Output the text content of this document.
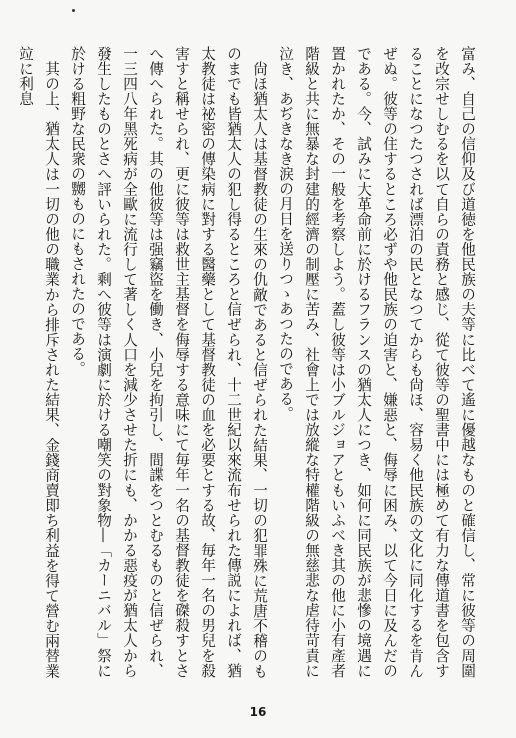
富み、自己の信仰及び道徳を他民族の夫等に比べて遙に優越なものと確信し、常に彼等の周圍を改宗せしむるを以て自らの責務と感じ、從て彼等の聖書中には極めて有力な傳道書を包含することになつたつされば漂泊の民となつてからも尙ほ、容易く他民族の文化に同化するを肯んぜぬ。彼等の住するところ必ずや他民族の迫害と、嫌惡と、侮辱に困み、以て今日に及んだのである。今、試みに大革命前に於けるフランスの猶太人につき、如何に同民族が悲慘の境遇に置かれたか、その一般を考察しよう。蓋し彼等は小ブルジョアともいふべき其の他に小有產者階級と共に無暴な封建的經濟の制壓に苦み、社會上では放縱な特權階級の無慈悲な虐待苛責に泣き、あぢきなき涙の月日を送りつゝあつたのである。

尙ほ猶太人は基督教徒の生來の仇敵であると信ぜられた結果、一切の犯罪殊に荒唐不稽のものまでも皆猶太人の犯し得るところと信ぜられ、十二世紀以來流布せられた傳説によれば、猶太教徒は祕密の傳染病に對する醫藥として基督教徒の血を必要とする故、毎年一名の男兒を殺害すと稱せられ、更に彼等は救世主基督を侮辱する意味にて毎年一名の基督教徒を磔殺すとさへ傳へられた。其の他彼等は强竊盜を働き、小兒を拘引し、間諜をつとむるものと信ぜられ、一三四八年黑死病が全歐に流行して著しく人口を減少させた折にも、かかる惡疫が猶太人から發生したものとさへ評いられた。剩へ彼等は演劇に於ける嘲笑の對象物―「カーニバル」祭に於ける粗野な民衆の嬲ものにもされたのである。

其の上、猶太人は一切の他の職業から排斥された結果、金錢商賣即ち利益を得て營む兩替業竝に利息

16
